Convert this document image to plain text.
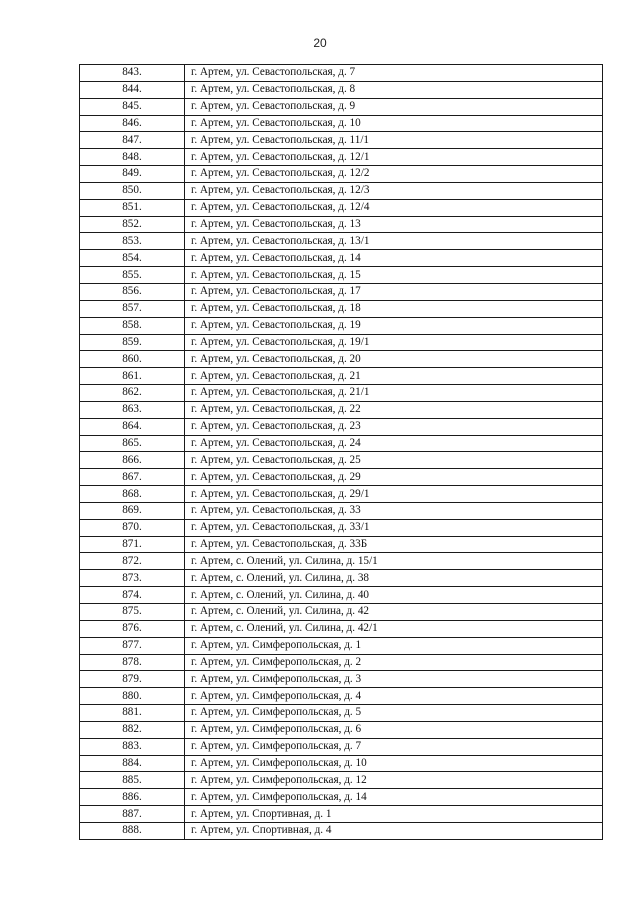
20
843.	г. Артем, ул. Севастопольская, д. 7
844.	г. Артем, ул. Севастопольская, д. 8
845.	г. Артем, ул. Севастопольская, д. 9
846.	г. Артем, ул. Севастопольская, д. 10
847.	г. Артем, ул. Севастопольская, д. 11/1
848.	г. Артем, ул. Севастопольская, д. 12/1
849.	г. Артем, ул. Севастопольская, д. 12/2
850.	г. Артем, ул. Севастопольская, д. 12/3
851.	г. Артем, ул. Севастопольская, д. 12/4
852.	г. Артем, ул. Севастопольская, д. 13
853.	г. Артем, ул. Севастопольская, д. 13/1
854.	г. Артем, ул. Севастопольская, д. 14
855.	г. Артем, ул. Севастопольская, д. 15
856.	г. Артем, ул. Севастопольская, д. 17
857.	г. Артем, ул. Севастопольская, д. 18
858.	г. Артем, ул. Севастопольская, д. 19
859.	г. Артем, ул. Севастопольская, д. 19/1
860.	г. Артем, ул. Севастопольская, д. 20
861.	г. Артем, ул. Севастопольская, д. 21
862.	г. Артем, ул. Севастопольская, д. 21/1
863.	г. Артем, ул. Севастопольская, д. 22
864.	г. Артем, ул. Севастопольская, д. 23
865.	г. Артем, ул. Севастопольская, д. 24
866.	г. Артем, ул. Севастопольская, д. 25
867.	г. Артем, ул. Севастопольская, д. 29
868.	г. Артем, ул. Севастопольская, д. 29/1
869.	г. Артем, ул. Севастопольская, д. 33
870.	г. Артем, ул. Севастопольская, д. 33/1
871.	г. Артем, ул. Севастопольская, д. 33Б
872.	г. Артем, с. Олений, ул. Силина, д. 15/1
873.	г. Артем, с. Олений, ул. Силина, д. 38
874.	г. Артем, с. Олений, ул. Силина, д. 40
875.	г. Артем, с. Олений, ул. Силина, д. 42
876.	г. Артем, с. Олений, ул. Силина, д. 42/1
877.	г. Артем, ул. Симферопольская, д. 1
878.	г. Артем, ул. Симферопольская, д. 2
879.	г. Артем, ул. Симферопольская, д. 3
880.	г. Артем, ул. Симферопольская, д. 4
881.	г. Артем, ул. Симферопольская, д. 5
882.	г. Артем, ул. Симферопольская, д. 6
883.	г. Артем, ул. Симферопольская, д. 7
884.	г. Артем, ул. Симферопольская, д. 10
885.	г. Артем, ул. Симферопольская, д. 12
886.	г. Артем, ул. Симферопольская, д. 14
887.	г. Артем, ул. Спортивная, д. 1
888.	г. Артем, ул. Спортивная, д. 4
